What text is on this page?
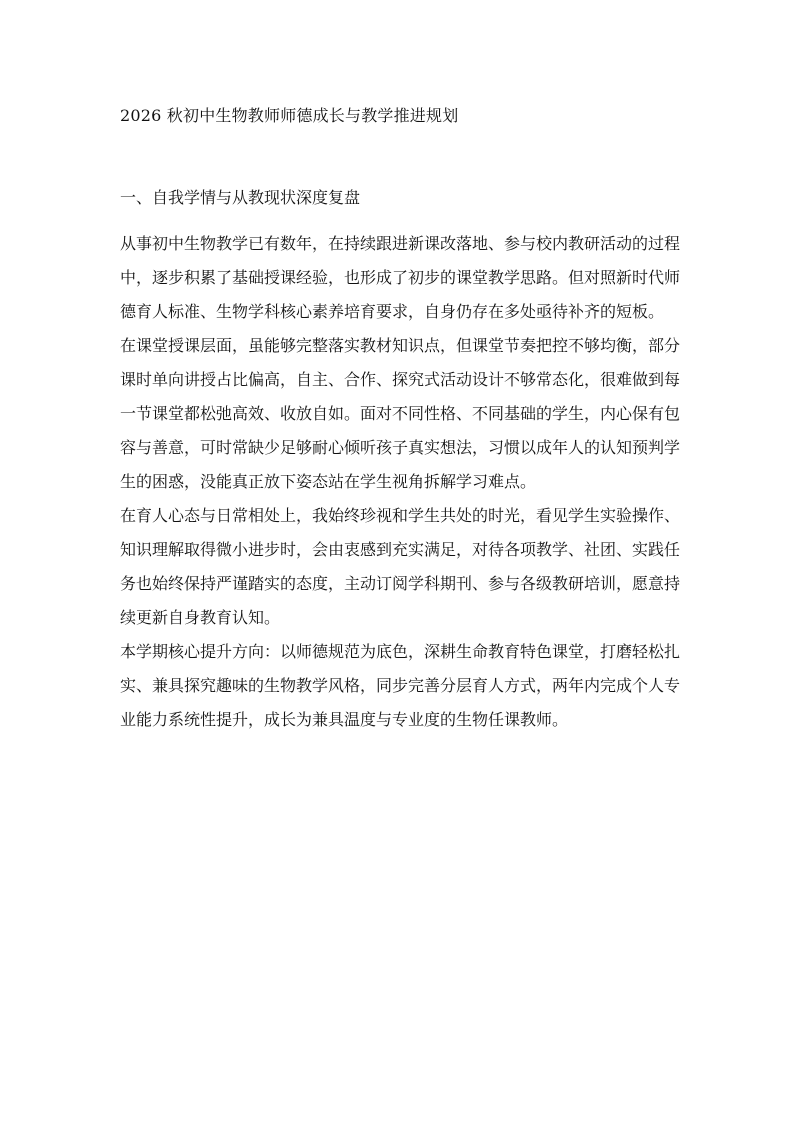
2026 秋初中生物教师师德成长与教学推进规划
一、自我学情与从教现状深度复盘

从事初中生物教学已有数年，在持续跟进新课改落地、参与校内教研活动的过程中，逐步积累了基础授课经验，也形成了初步的课堂教学思路。但对照新时代师德育人标准、生物学科核心素养培育要求，自身仍存在多处亟待补齐的短板。

在课堂授课层面，虽能够完整落实教材知识点，但课堂节奏把控不够均衡，部分课时单向讲授占比偏高，自主、合作、探究式活动设计不够常态化，很难做到每一节课堂都松弛高效、收放自如。面对不同性格、不同基础的学生，内心保有包容与善意，可时常缺少足够耐心倾听孩子真实想法，习惯以成年人的认知预判学生的困惑，没能真正放下姿态站在学生视角拆解学习难点。

在育人心态与日常相处上，我始终珍视和学生共处的时光，看见学生实验操作、知识理解取得微小进步时，会由衷感到充实满足，对待各项教学、社团、实践任务也始终保持严谨踏实的态度，主动订阅学科期刊、参与各级教研培训，愿意持续更新自身教育认知。

本学期核心提升方向：以师德规范为底色，深耕生命教育特色课堂，打磨轻松扎实、兼具探究趣味的生物教学风格，同步完善分层育人方式，两年内完成个人专业能力系统性提升，成长为兼具温度与专业度的生物任课教师。
